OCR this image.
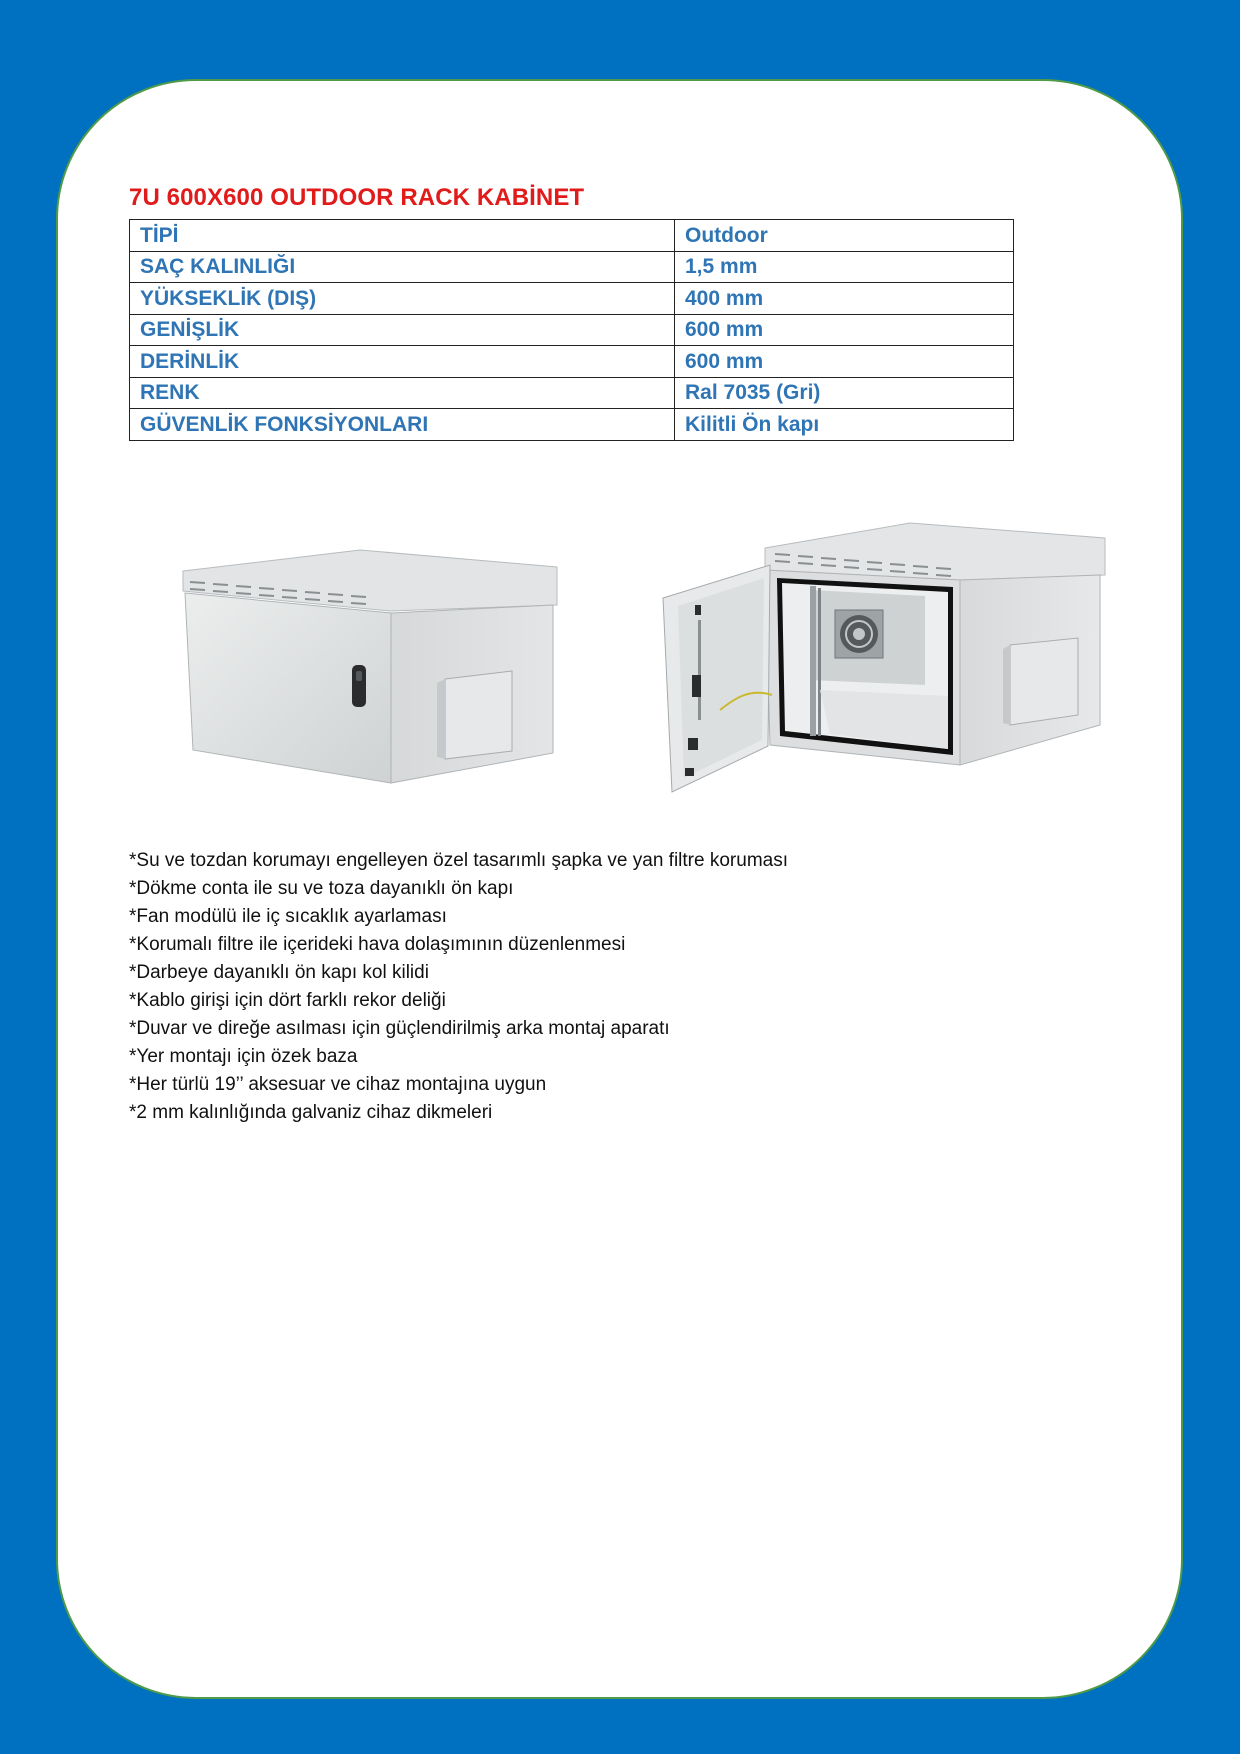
7U 600X600 OUTDOOR RACK KABİNET
TİPİ	Outdoor
SAÇ KALINLIĞI	1,5 mm
YÜKSEKLİK (DIŞ)	400 mm
GENİŞLİK	600 mm
DERİNLİK	600 mm
RENK	Ral 7035 (Gri)
GÜVENLİK FONKSİYONLARI	Kilitli Ön kapı
*Su ve tozdan korumayı engelleyen özel tasarımlı şapka ve yan filtre koruması
*Dökme conta ile su ve toza dayanıklı ön kapı
*Fan modülü ile iç sıcaklık ayarlaması
*Korumalı filtre ile içerideki hava dolaşımının düzenlenmesi
*Darbeye dayanıklı ön kapı kol kilidi
*Kablo girişi için dört farklı rekor deliği
*Duvar ve direğe asılması için güçlendirilmiş arka montaj aparatı
*Yer montajı için özek baza
*Her türlü 19’’ aksesuar ve cihaz montajına uygun
*2 mm kalınlığında galvaniz cihaz dikmeleri
